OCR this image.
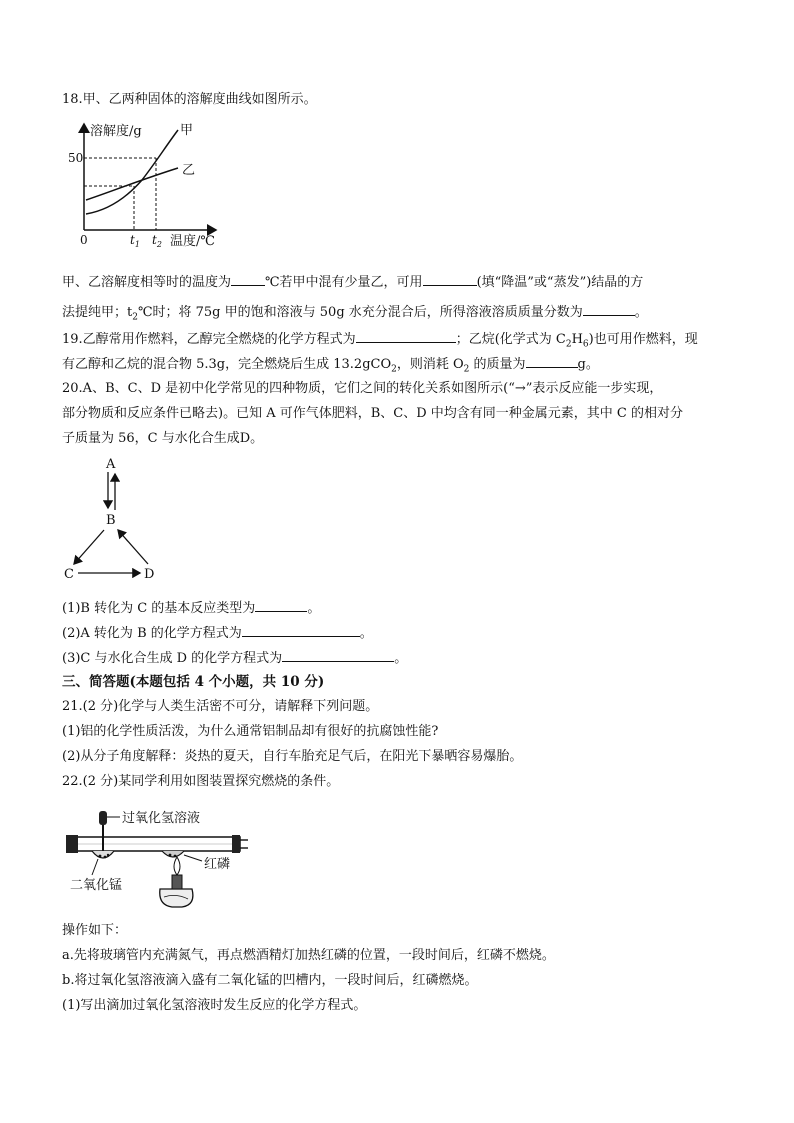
18.甲、乙两种固体的溶解度曲线如图所示。
溶解度/g
50
0	$t_1$ $t_2$ 温度/℃
甲
乙
甲、乙溶解度相等时的温度为	℃若甲中混有少量乙，可用	(填“降温”或“蒸发”)结晶的方
法提纯甲；$t_2℃$时；将 75g 甲的饱和溶液与 50g 水充分混合后，所得溶液溶质质量分数为	。
19.乙醇常用作燃料，乙醇完全燃烧的化学方程式为	；乙烷(化学式为 $C_2H_6$)也可用作燃料，现
有乙醇和乙烷的混合物 5.3g，完全燃烧后生成 13.2gCO$_2$，则消耗 $O_2$ 的质量为	g。
20.A、B、C、D 是初中化学常见的四种物质，它们之间的转化关系如图所示(“→”表示反应能一步实现，
部分物质和反应条件已略去)。已知 A 可作气体肥料，B、C、D 中均含有同一种金属元素，其中 C 的相对分
子质量为 56，C 与水化合生成D。
A
B
C	D
(1)B 转化为 C 的基本反应类型为	。
(2)A 转化为 B 的化学方程式为	。
(3)C 与水化合生成 D 的化学方程式为	。
三、简答题(本题包括 4 个小题，共 10 分)
21.(2 分)化学与人类生活密不可分，请解释下列问题。
(1)铝的化学性质活泼，为什么通常铝制品却有很好的抗腐蚀性能?
(2)从分子角度解释：炎热的夏天，自行车胎充足气后，在阳光下暴晒容易爆胎。
22.(2 分)某同学利用如图装置探究燃烧的条件。
过氧化氢溶液
红磷
二氧化锰
操作如下：
a.先将玻璃管内充满氮气，再点燃酒精灯加热红磷的位置，一段时间后，红磷不燃烧。
b.将过氧化氢溶液滴入盛有二氧化锰的凹槽内，一段时间后，红磷燃烧。
(1)写出滴加过氧化氢溶液时发生反应的化学方程式。
